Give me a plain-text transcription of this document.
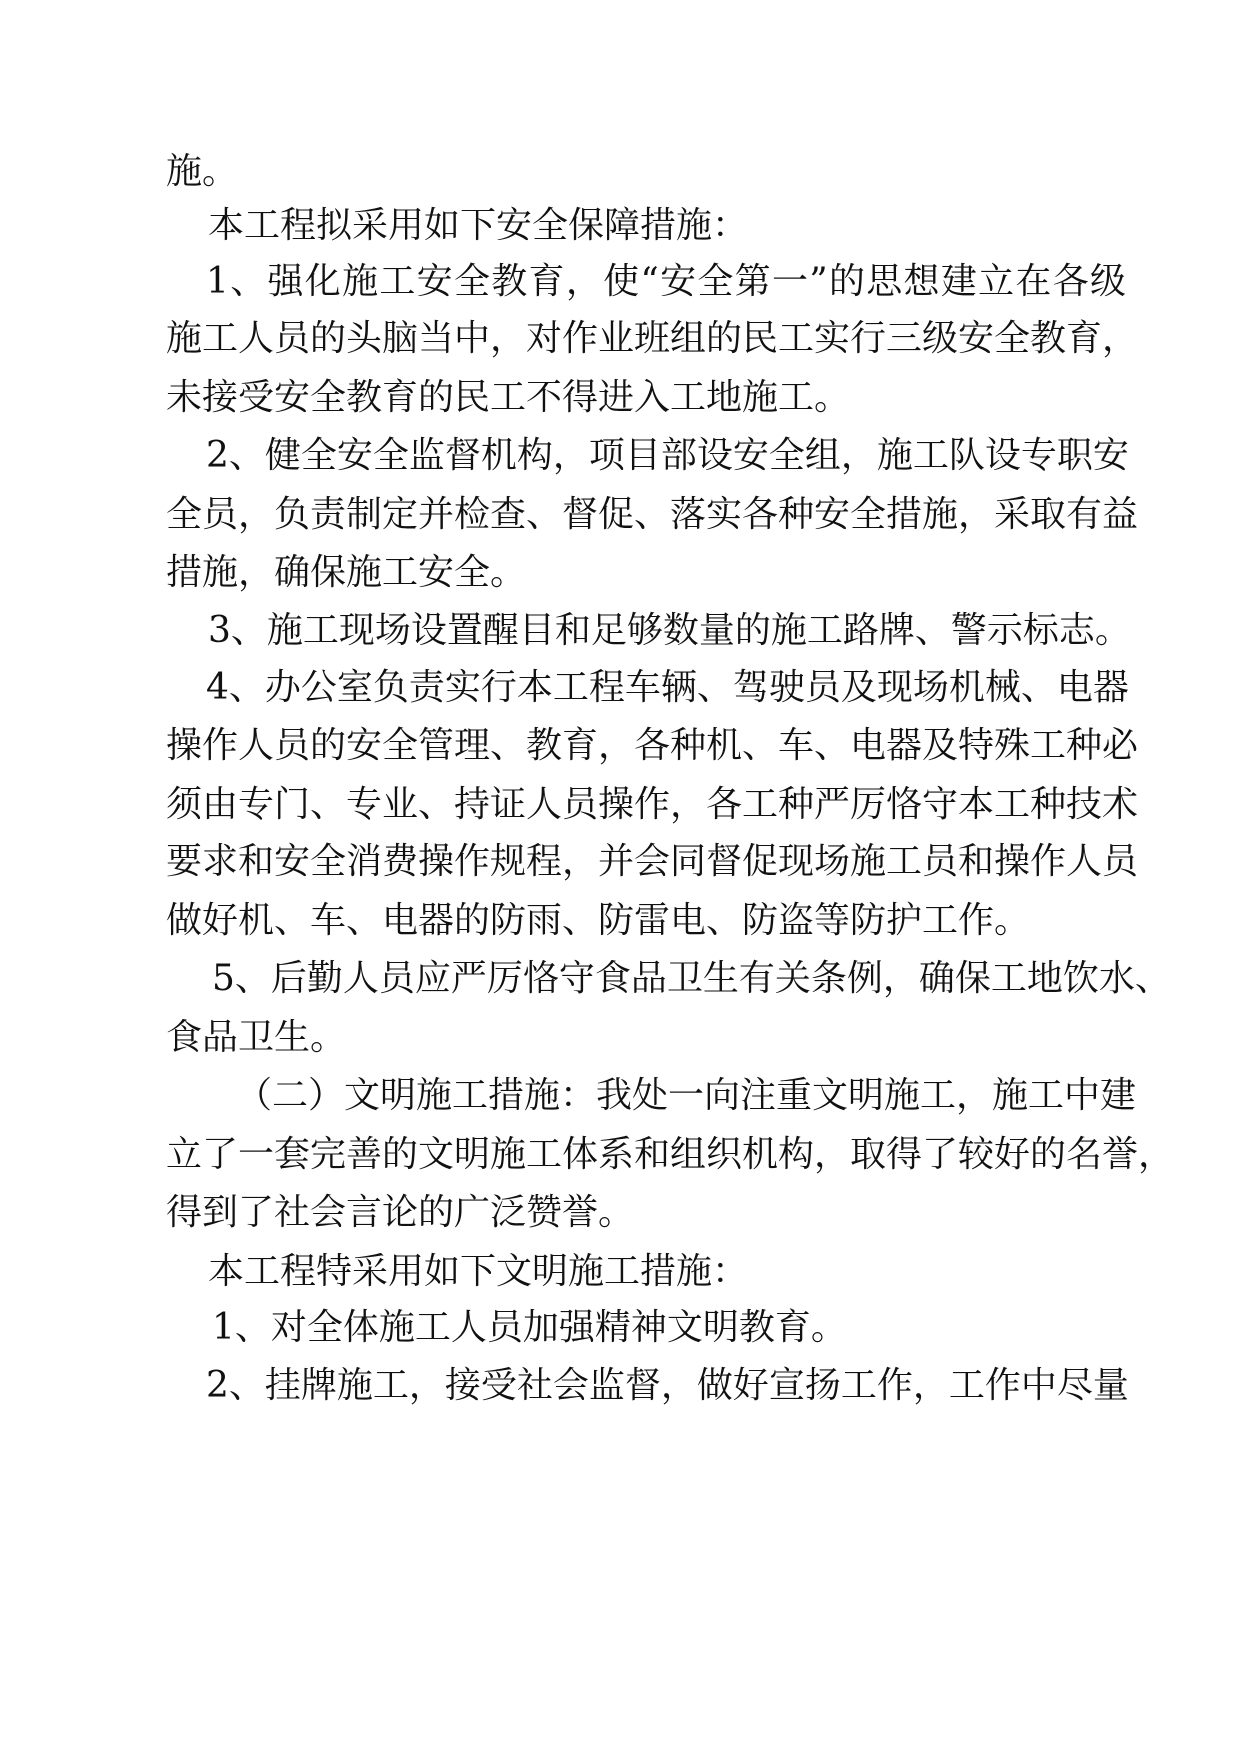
施。
本工程拟采用如下安全保障措施：
1、强化施工安全教育，使“安全第一”的思想建立在各级
施工人员的头脑当中，对作业班组的民工实行三级安全教育，
未接受安全教育的民工不得进入工地施工。
2、健全安全监督机构，项目部设安全组，施工队设专职安
全员，负责制定并检查、督促、落实各种安全措施，采取有益
措施，确保施工安全。
3、施工现场设置醒目和足够数量的施工路牌、警示标志。
4、办公室负责实行本工程车辆、驾驶员及现场机械、电器
操作人员的安全管理、教育，各种机、车、电器及特殊工种必
须由专门、专业、持证人员操作，各工种严厉恪守本工种技术
要求和安全消费操作规程，并会同督促现场施工员和操作人员
做好机、车、电器的防雨、防雷电、防盗等防护工作。
5、后勤人员应严厉恪守食品卫生有关条例，确保工地饮水、
食品卫生。
（二）文明施工措施：我处一向注重文明施工，施工中建
立了一套完善的文明施工体系和组织机构，取得了较好的名誉，
得到了社会言论的广泛赞誉。
本工程特采用如下文明施工措施：
1、对全体施工人员加强精神文明教育。
2、挂牌施工，接受社会监督，做好宣扬工作，工作中尽量
